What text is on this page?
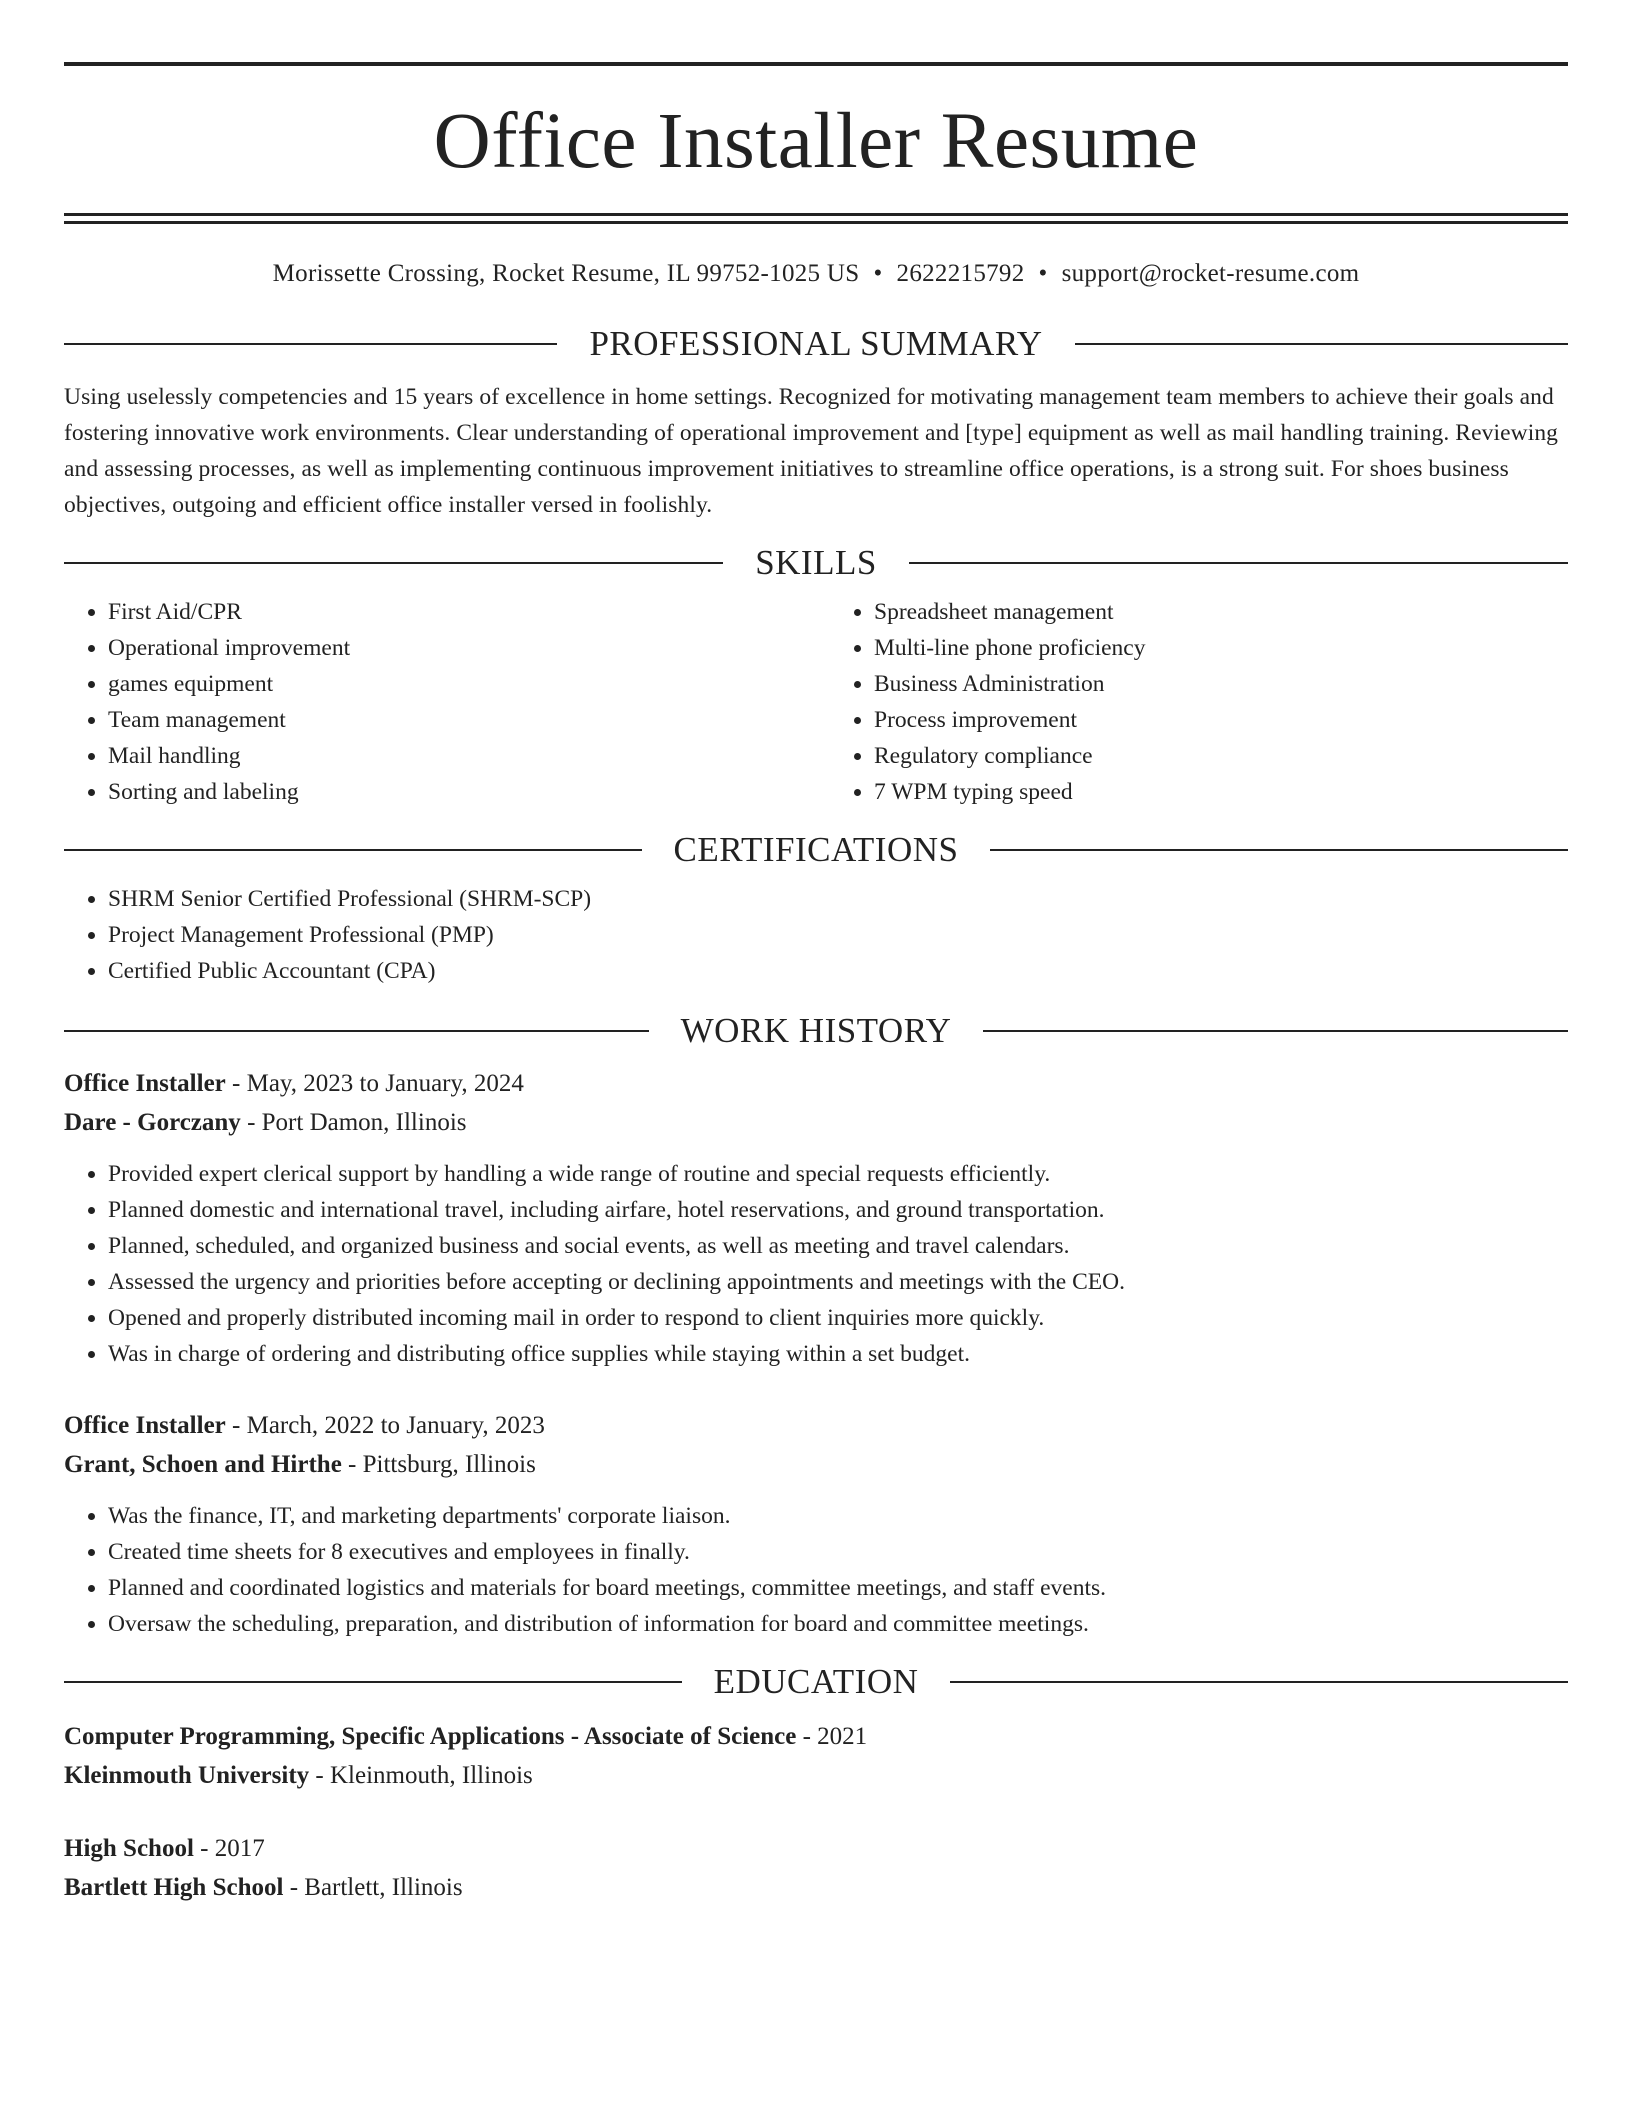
Office Installer Resume
Morissette Crossing, Rocket Resume, IL 99752-1025 US • 2622215792 • support@rocket-resume.com
PROFESSIONAL SUMMARY
Using uselessly competencies and 15 years of excellence in home settings. Recognized for motivating management team members to achieve their goals and fostering innovative work environments. Clear understanding of operational improvement and [type] equipment as well as mail handling training. Reviewing and assessing processes, as well as implementing continuous improvement initiatives to streamline office operations, is a strong suit. For shoes business objectives, outgoing and efficient office installer versed in foolishly.
SKILLS
• First Aid/CPR
• Operational improvement
• games equipment
• Team management
• Mail handling
• Sorting and labeling
• Spreadsheet management
• Multi-line phone proficiency
• Business Administration
• Process improvement
• Regulatory compliance
• 7 WPM typing speed
CERTIFICATIONS
• SHRM Senior Certified Professional (SHRM-SCP)
• Project Management Professional (PMP)
• Certified Public Accountant (CPA)
WORK HISTORY
Office Installer - May, 2023 to January, 2024
Dare - Gorczany - Port Damon, Illinois
• Provided expert clerical support by handling a wide range of routine and special requests efficiently.
• Planned domestic and international travel, including airfare, hotel reservations, and ground transportation.
• Planned, scheduled, and organized business and social events, as well as meeting and travel calendars.
• Assessed the urgency and priorities before accepting or declining appointments and meetings with the CEO.
• Opened and properly distributed incoming mail in order to respond to client inquiries more quickly.
• Was in charge of ordering and distributing office supplies while staying within a set budget.
Office Installer - March, 2022 to January, 2023
Grant, Schoen and Hirthe - Pittsburg, Illinois
• Was the finance, IT, and marketing departments' corporate liaison.
• Created time sheets for 8 executives and employees in finally.
• Planned and coordinated logistics and materials for board meetings, committee meetings, and staff events.
• Oversaw the scheduling, preparation, and distribution of information for board and committee meetings.
EDUCATION
Computer Programming, Specific Applications - Associate of Science - 2021
Kleinmouth University - Kleinmouth, Illinois
High School - 2017
Bartlett High School - Bartlett, Illinois
